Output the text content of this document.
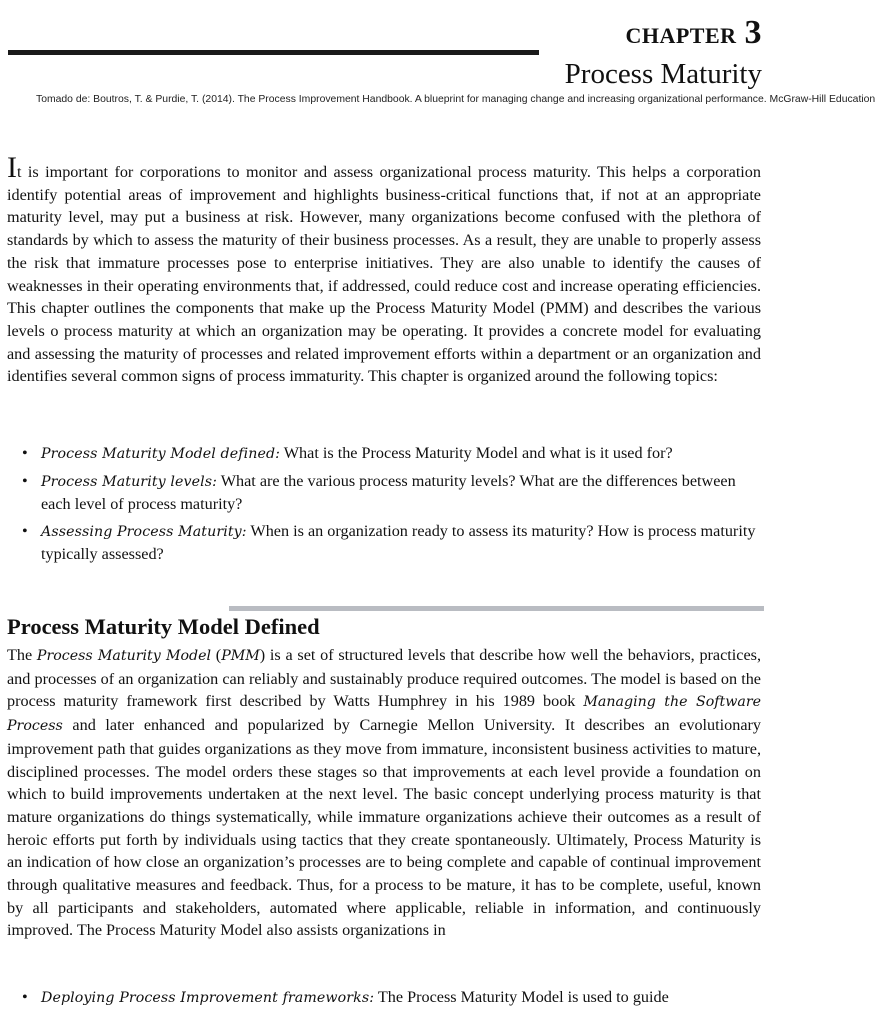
CHAPTER 3
Process Maturity

Tomado de: Boutros, T. & Purdie, T. (2014). The Process Improvement Handbook. A blueprint for managing change and increasing organizational performance. McGraw-Hill Education

It is important for corporations to monitor and assess organizational process maturity. This helps a corporation identify potential areas of improvement and highlights business-critical functions that, if not at an appropriate maturity level, may put a business at risk. However, many organizations become confused with the plethora of standards by which to assess the maturity of their business processes. As a result, they are unable to properly assess the risk that immature processes pose to enterprise initiatives. They are also unable to identify the causes of weaknesses in their operating environments that, if addressed, could reduce cost and increase operating efficiencies. This chapter outlines the components that make up the Process Maturity Model (PMM) and describes the various levels o process maturity at which an organization may be operating. It provides a concrete model for evaluating and assessing the maturity of processes and related improvement efforts within a department or an organization and identifies several common signs of process immaturity. This chapter is organized around the following topics:

• Process Maturity Model defined: What is the Process Maturity Model and what is it used for?
• Process Maturity levels: What are the various process maturity levels? What are the differences between each level of process maturity?
• Assessing Process Maturity: When is an organization ready to assess its maturity? How is process maturity typically assessed?
Process Maturity Model Defined

The Process Maturity Model (PMM) is a set of structured levels that describe how well the behaviors, practices, and processes of an organization can reliably and sustainably produce required outcomes. The model is based on the process maturity framework first described by Watts Humphrey in his 1989 book Managing the Software Process and later enhanced and popularized by Carnegie Mellon University. It describes an evolutionary improvement path that guides organizations as they move from immature, inconsistent business activities to mature, disciplined processes. The model orders these stages so that improvements at each level provide a foundation on which to build improvements undertaken at the next level. The basic concept underlying process maturity is that mature organizations do things systematically, while immature organizations achieve their outcomes as a result of heroic efforts put forth by individuals using tactics that they create spontaneously. Ultimately, Process Maturity is an indication of how close an organization’s processes are to being complete and capable of continual improvement through qualitative measures and feedback. Thus, for a process to be mature, it has to be complete, useful, known by all participants and stakeholders, automated where applicable, reliable in information, and continuously improved. The Process Maturity Model also assists organizations in

• Deploying Process Improvement frameworks: The Process Maturity Model is used to guide
